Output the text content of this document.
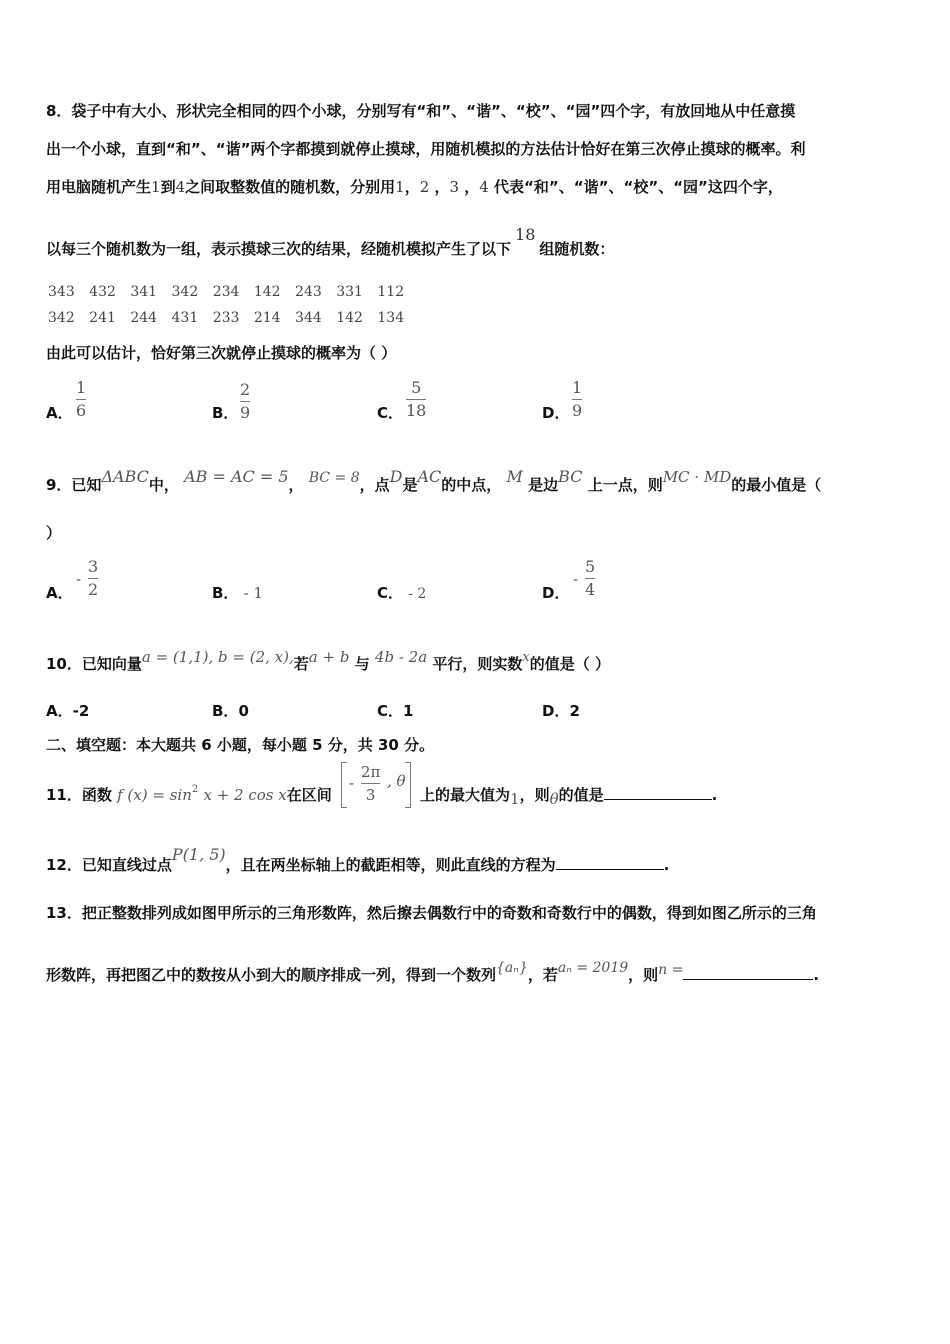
8．袋子中有大小、形状完全相同的四个小球，分别写有“和”、“谐”、“校”、“园”四个字，有放回地从中任意摸
出一个小球，直到“和”、“谐”两个字都摸到就停止摸球，用随机模拟的方法估计恰好在第三次停止摸球的概率。利
用电脑随机产生1到4之间取整数值的随机数，分别用1，2 ，3 ，4 代表“和”、“谐”、“校”、“园”这四个字，
以每三个随机数为一组，表示摸球三次的结果，经随机模拟产生了以下18组随机数：
343 432 341 342 234 142 243 331 112
342 241 244 431 233 214 344 142 134
由此可以估计，恰好第三次就停止摸球的概率为（ ）
A．
1
6	B．
2
9	C．
5
18	D．
1
9
9．已知ΔABC中， AB = AC = 5， BC = 8，点D是AC的中点， M 是边BC 上一点，则MC · MD的最小值是（
）
A．
-
3
2	B． - 1	C． - 2	D．
-
5
4
10．已知向量a = (1,1), b = (2, x),若a + b 与 4b - 2a 平行，则实数x的值是（ ）
A．-2	B．0	C．1	D．2
二、填空题：本大题共 6 小题，每小题 5 分，共 30 分。
11．函数 f $(x) = \sin^2 x + 2$ cos x在区间
-
2π
3
, θ
上的最大值为1，则θ的值是	.
12．已知直线过点P(1, 5)，且在两坐标轴上的截距相等，则此直线的方程为	.
13．把正整数排列成如图甲所示的三角形数阵，然后擦去偶数行中的奇数和奇数行中的偶数，得到如图乙所示的三角
形数阵，再把图乙中的数按从小到大的顺序排成一列，得到一个数列{aₙ}，若aₙ = 2019，则n =	.
